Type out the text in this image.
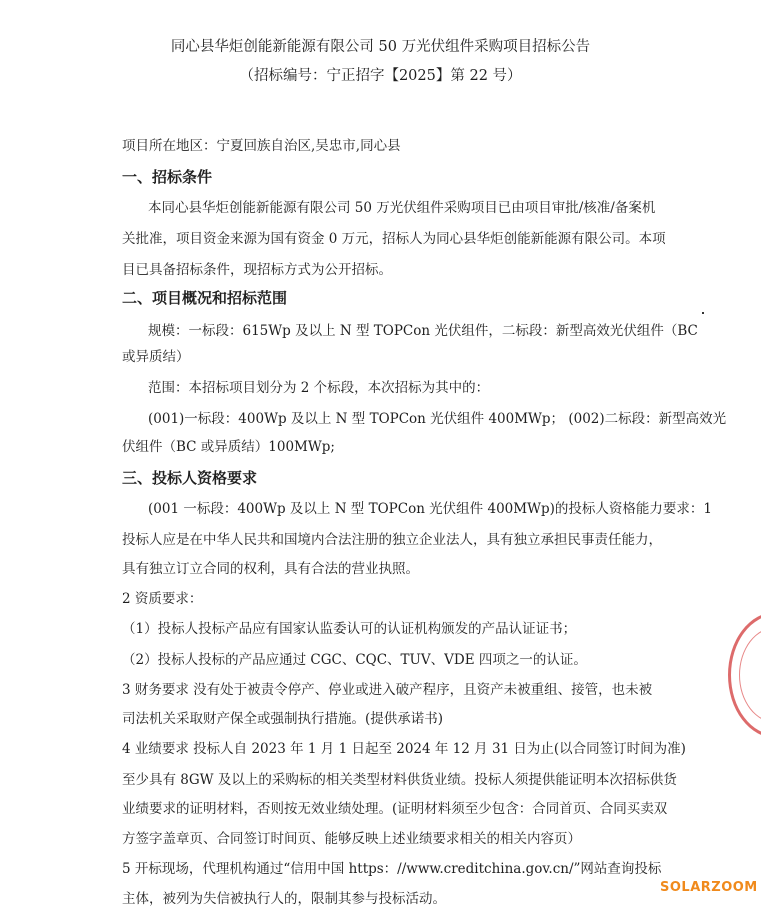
同心县华炬创能新能源有限公司 50 万光伏组件采购项目招标公告
（招标编号：宁正招字【2025】第 22 号）
项目所在地区：宁夏回族自治区,吴忠市,同心县
一、招标条件
本同心县华炬创能新能源有限公司 50 万光伏组件采购项目已由项目审批/核准/备案机
关批准，项目资金来源为国有资金 0 万元，招标人为同心县华炬创能新能源有限公司。本项
目已具备招标条件，现招标方式为公开招标。
二、项目概况和招标范围
规模：一标段：615Wp 及以上 N 型 TOPCon 光伏组件，二标段：新型高效光伏组件（BC
或异质结）
范围：本招标项目划分为 2 个标段，本次招标为其中的：
(001)一标段：400Wp 及以上 N 型 TOPCon 光伏组件 400MWp； (002)二标段：新型高效光
伏组件（BC 或异质结）100MWp;
三、投标人资格要求
(001 一标段：400Wp 及以上 N 型 TOPCon 光伏组件 400MWp)的投标人资格能力要求：1
投标人应是在中华人民共和国境内合法注册的独立企业法人，具有独立承担民事责任能力，
具有独立订立合同的权利，具有合法的营业执照。
2 资质要求：
（1）投标人投标产品应有国家认监委认可的认证机构颁发的产品认证证书；
（2）投标人投标的产品应通过 CGC、CQC、TUV、VDE 四项之一的认证。
3 财务要求 没有处于被责令停产、停业或进入破产程序，且资产未被重组、接管，也未被
司法机关采取财产保全或强制执行措施。(提供承诺书)
4 业绩要求 投标人自 2023 年 1 月 1 日起至 2024 年 12 月 31 日为止(以合同签订时间为准)
至少具有 8GW 及以上的采购标的相关类型材料供货业绩。投标人须提供能证明本次招标供货
业绩要求的证明材料，否则按无效业绩处理。(证明材料须至少包含：合同首页、合同买卖双
方签字盖章页、合同签订时间页、能够反映上述业绩要求相关的相关内容页）
5 开标现场，代理机构通过“信用中国 https：//www.creditchina.gov.cn/”网站查询投标
主体，被列为失信被执行人的，限制其参与投标活动。
SOLARZOOM
